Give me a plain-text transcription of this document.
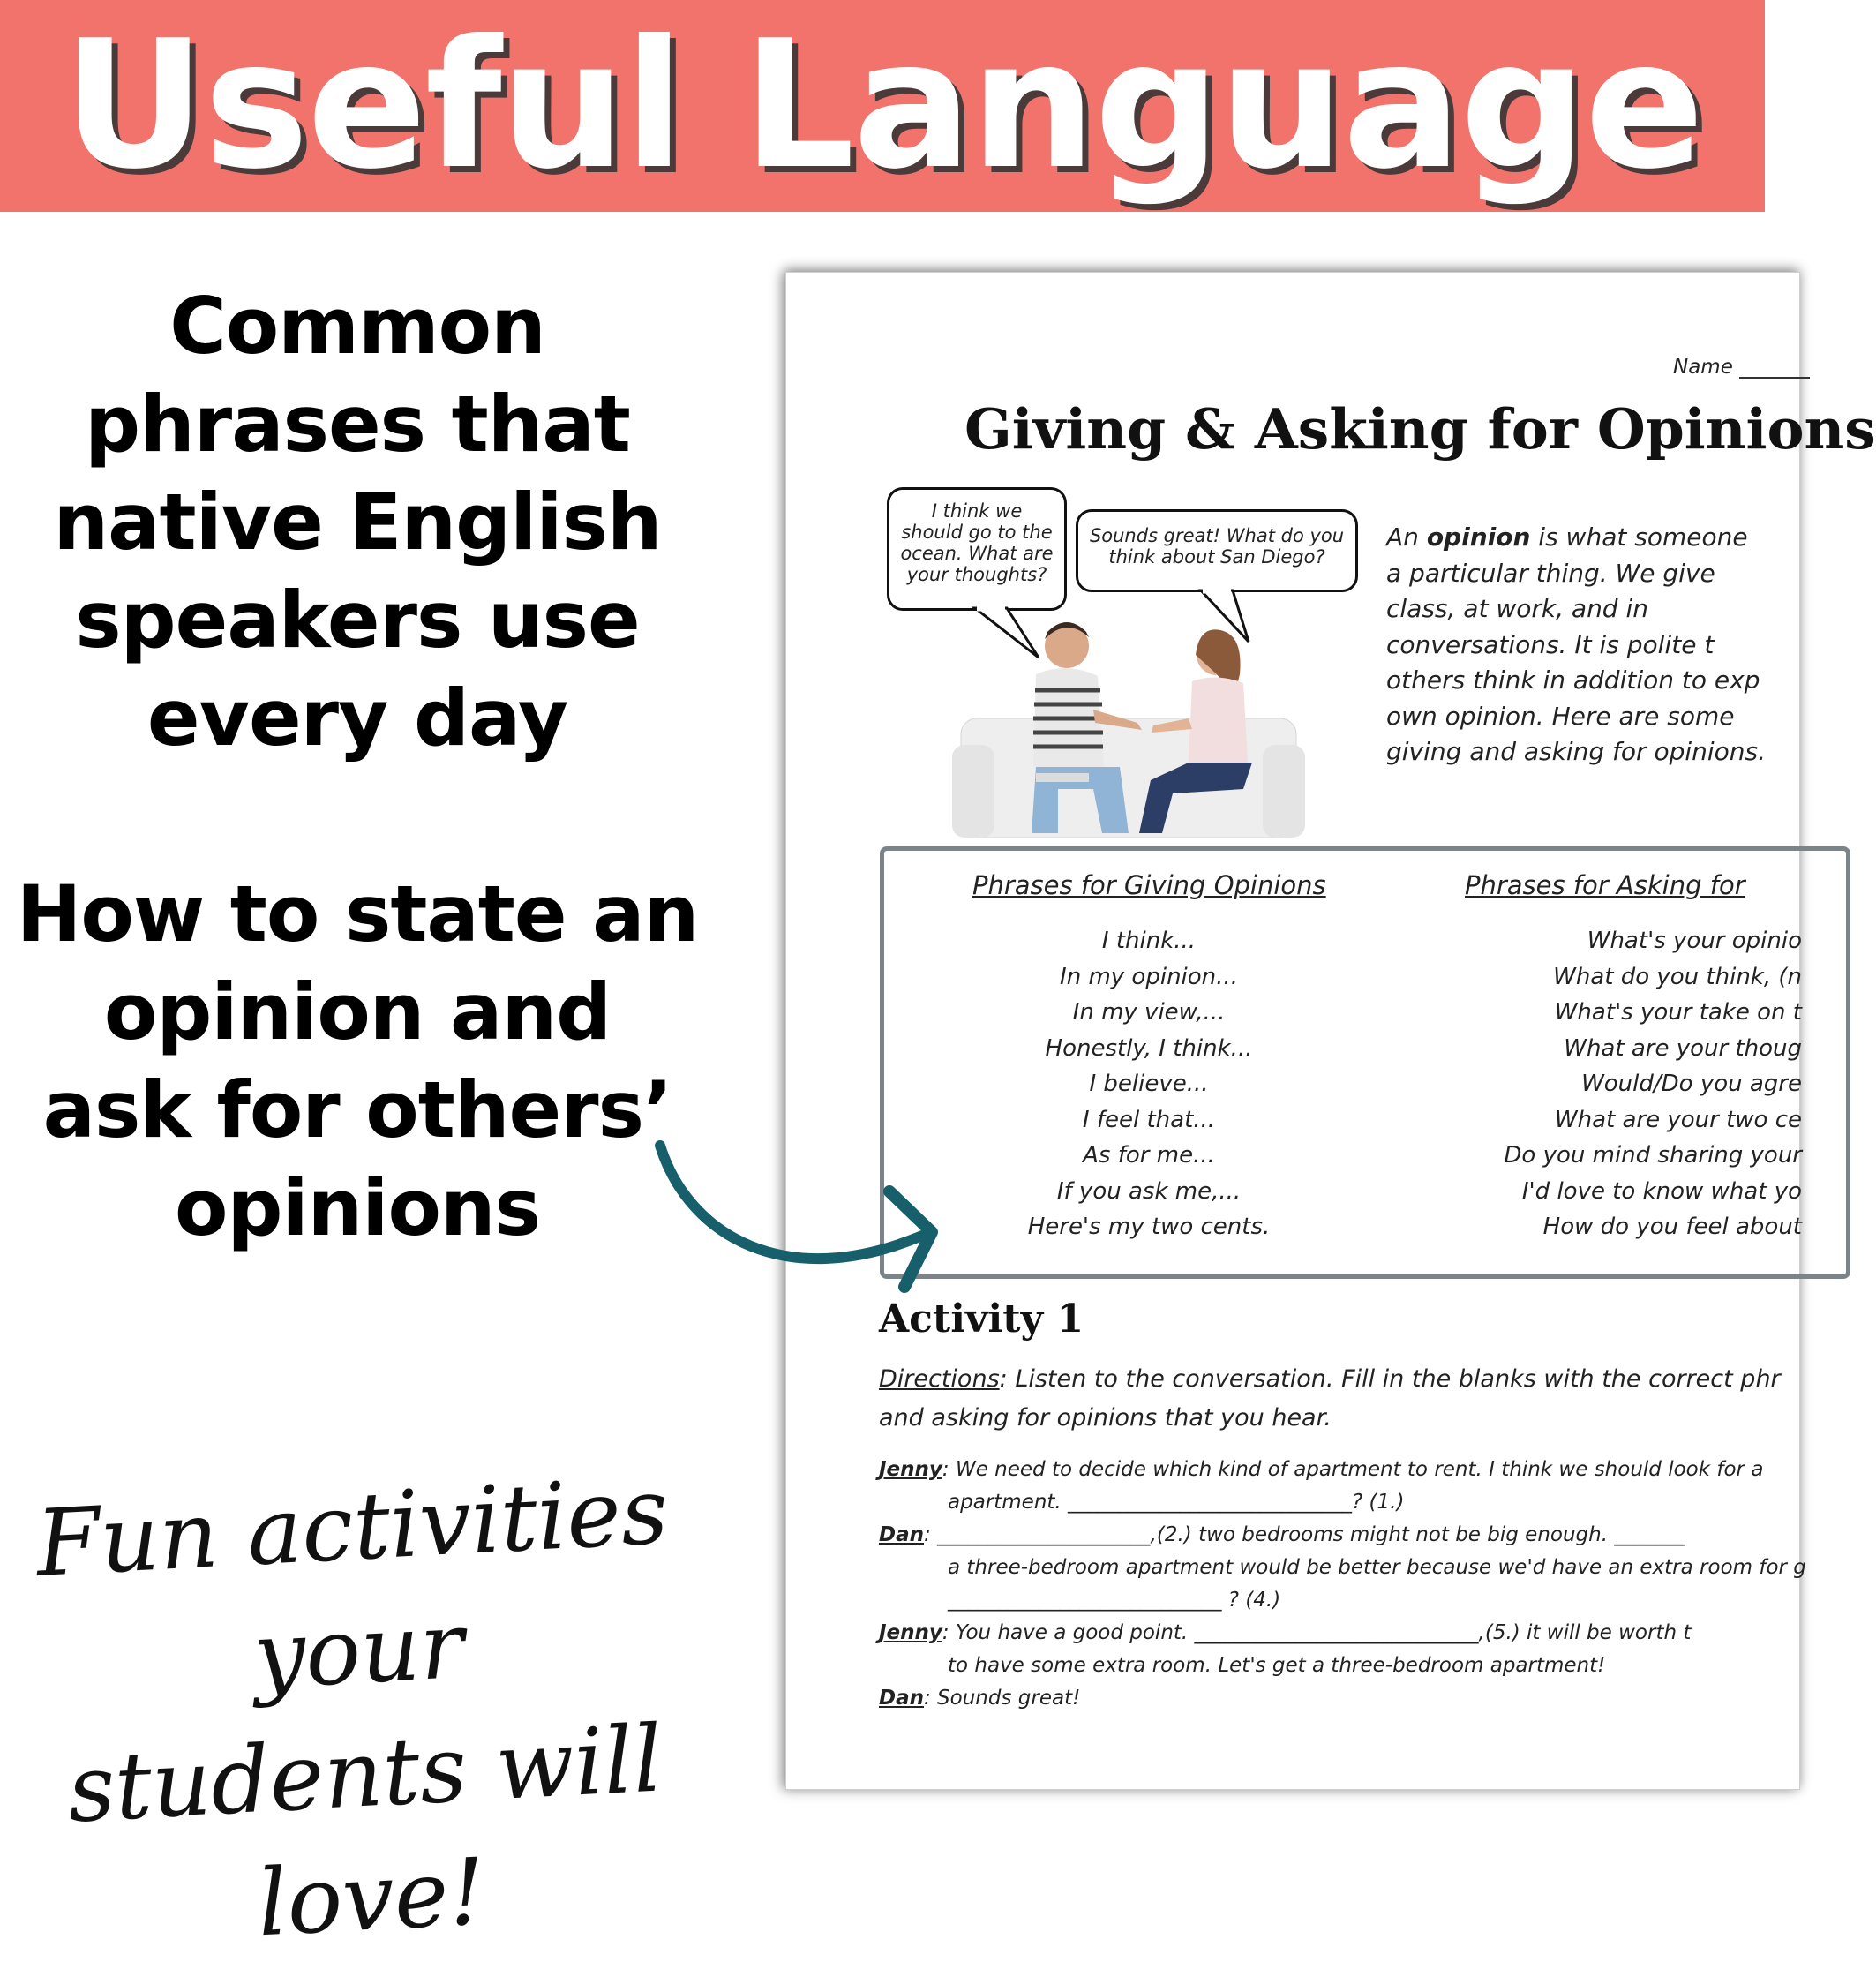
Useful Language
Common
phrases that
native English
speakers use
every day
How to state an
opinion and
ask for others’
opinions
Fun activities your
students will love!
Name
Giving & Asking for Opinions
I think we
should go to the
ocean. What are
your thoughts?
Sounds great! What do you
think about San Diego?
An opinion is what someone
a particular thing. We give
class, at work, and in
conversations. It is polite t
others think in addition to exp
own opinion. Here are some
giving and asking for opinions.
Phrases for Giving Opinions	Phrases for Asking for
I think...
In my opinion...
In my view,...
Honestly, I think...
I believe...
I feel that...
As for me...
If you ask me,...
Here's my two cents.
What's your opinio
What do you think, (n
What's your take on t
What are your thoug
Would/Do you agre
What are your two ce
Do you mind sharing your
I'd love to know what yo
How do you feel about
Activity 1
Directions: Listen to the conversation. Fill in the blanks with the correct phr
and asking for opinions that you hear.
Jenny: We need to decide which kind of apartment to rent. I think we should look for a
apartment. ____________________________? (1.)
Dan: _____________________,(2.) two bedrooms might not be big enough. _______
a three-bedroom apartment would be better because we'd have an extra room for g
___________________________ ? (4.)
Jenny: You have a good point. ____________________________,(5.) it will be worth t
to have some extra room. Let's get a three-bedroom apartment!
Dan: Sounds great!
